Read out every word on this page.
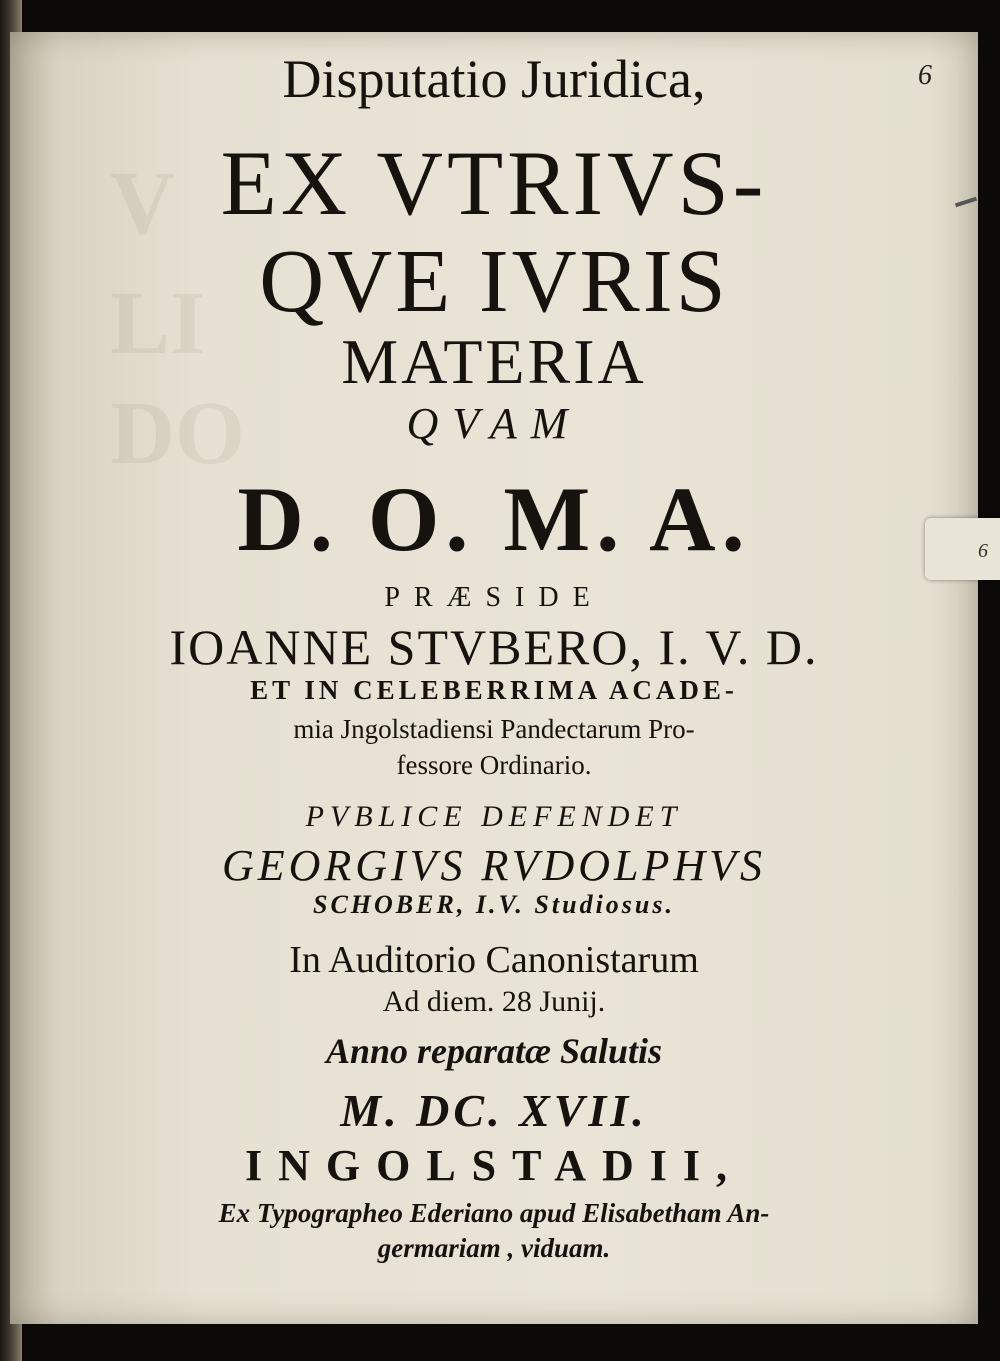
V
LI
DO
6
6

Disputatio Juridica,

EX VTRIVS-

QVE IVRIS

MATERIA

QVAM

D. O. M. A.

PRÆSIDE

IOANNE STVBERO, I. V. D.

ET IN CELEBERRIMA ACADE-

mia Jngolstadiensi Pandectarum Pro-

fessore Ordinario.

PVBLICE DEFENDET

GEORGIVS RVDOLPHVS

SCHOBER, I.V. Studiosus.

In Auditorio Canonistarum

Ad diem. 28 Junij.

Anno reparatæ Salutis

M. DC. XVII.

INGOLSTADII,

Ex Typographeo Ederiano apud Elisabetham An-

germariam , viduam.
